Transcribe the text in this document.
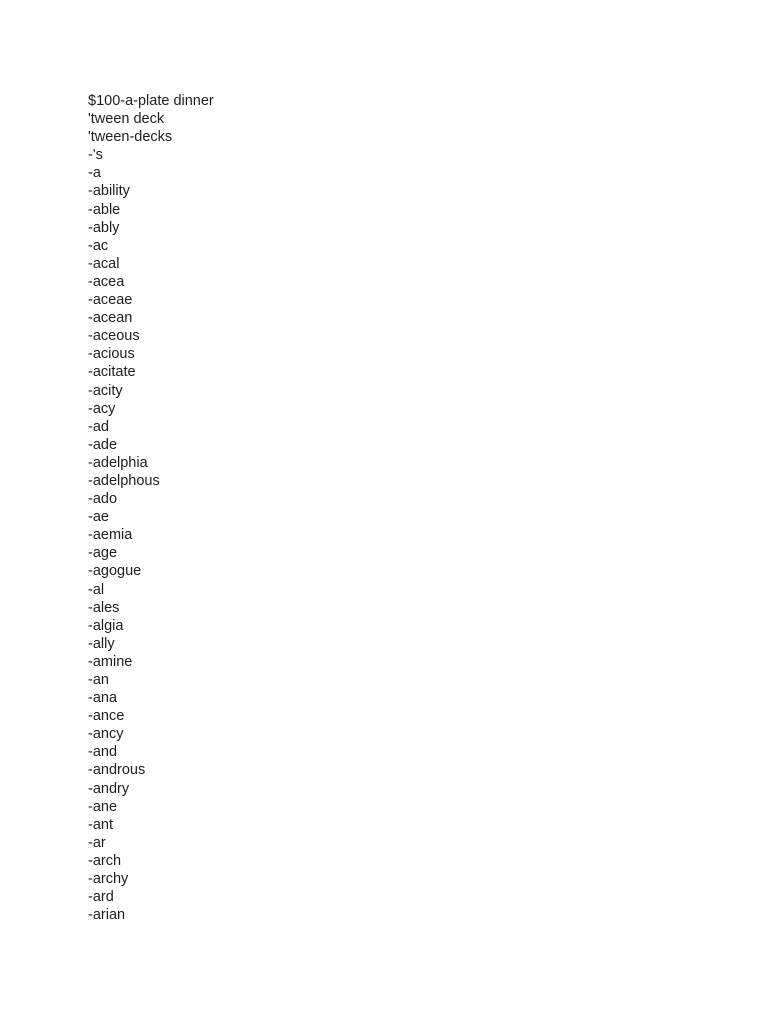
$100-a-plate dinner
'tween deck
'tween-decks
-'s
-a
-ability
-able
-ably
-ac
-acal
-acea
-aceae
-acean
-aceous
-acious
-acitate
-acity
-acy
-ad
-ade
-adelphia
-adelphous
-ado
-ae
-aemia
-age
-agogue
-al
-ales
-algia
-ally
-amine
-an
-ana
-ance
-ancy
-and
-androus
-andry
-ane
-ant
-ar
-arch
-archy
-ard
-arian
